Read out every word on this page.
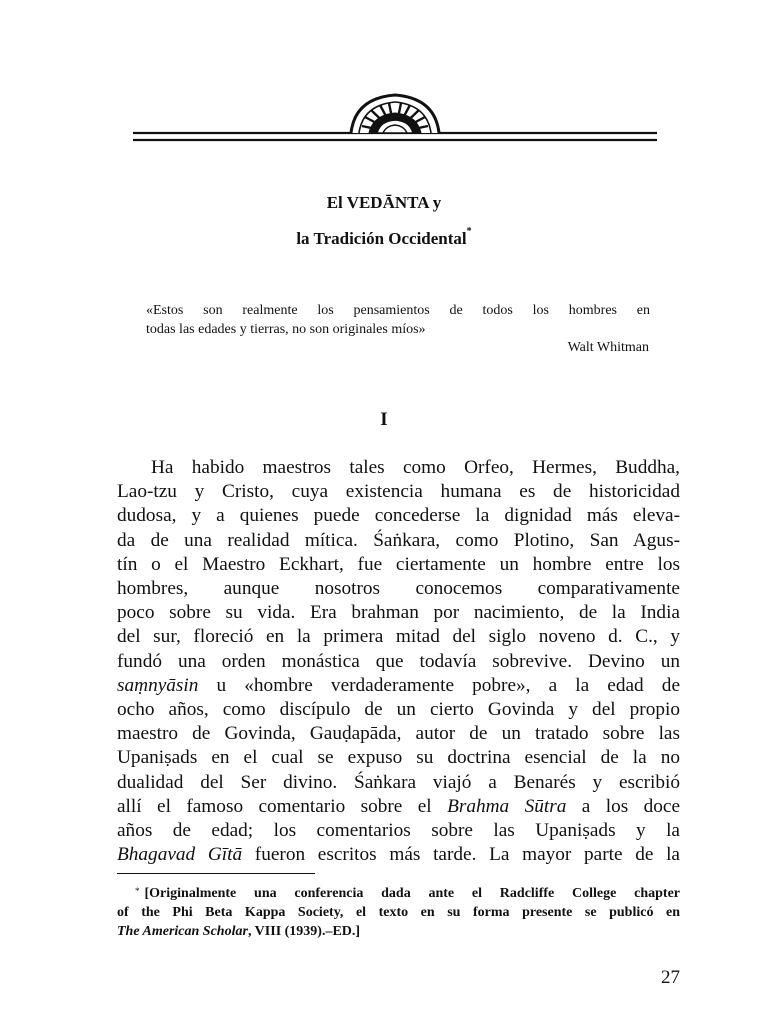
El VEDĀNTA y
la Tradición Occidental*
«Estos son realmente los pensamientos de todos los hombres en
todas las edades y tierras, no son originales míos»
Walt Whitman
I
Ha habido maestros tales como Orfeo, Hermes, Buddha,
Lao-tzu y Cristo, cuya existencia humana es de historicidad
dudosa, y a quienes puede concederse la dignidad más eleva-
da de una realidad mítica. Śaṅkara, como Plotino, San Agus-
tín o el Maestro Eckhart, fue ciertamente un hombre entre los
hombres, aunque nosotros conocemos comparativamente
poco sobre su vida. Era brahman por nacimiento, de la India
del sur, floreció en la primera mitad del siglo noveno d. C., y
fundó una orden monástica que todavía sobrevive. Devino un
saṃnyāsin u «hombre verdaderamente pobre», a la edad de
ocho años, como discípulo de un cierto Govinda y del propio
maestro de Govinda, Gauḍapāda, autor de un tratado sobre las
Upaniṣads en el cual se expuso su doctrina esencial de la no
dualidad del Ser divino. Śaṅkara viajó a Benarés y escribió
allí el famoso comentario sobre el Brahma Sūtra a los doce
años de edad; los comentarios sobre las Upaniṣads y la
Bhagavad Gītā fueron escritos más tarde. La mayor parte de la
* [Originalmente una conferencia dada ante el Radcliffe College chapter
of the Phi Beta Kappa Society, el texto en su forma presente se publicó en
The American Scholar, VIII (1939).–ED.]
27
